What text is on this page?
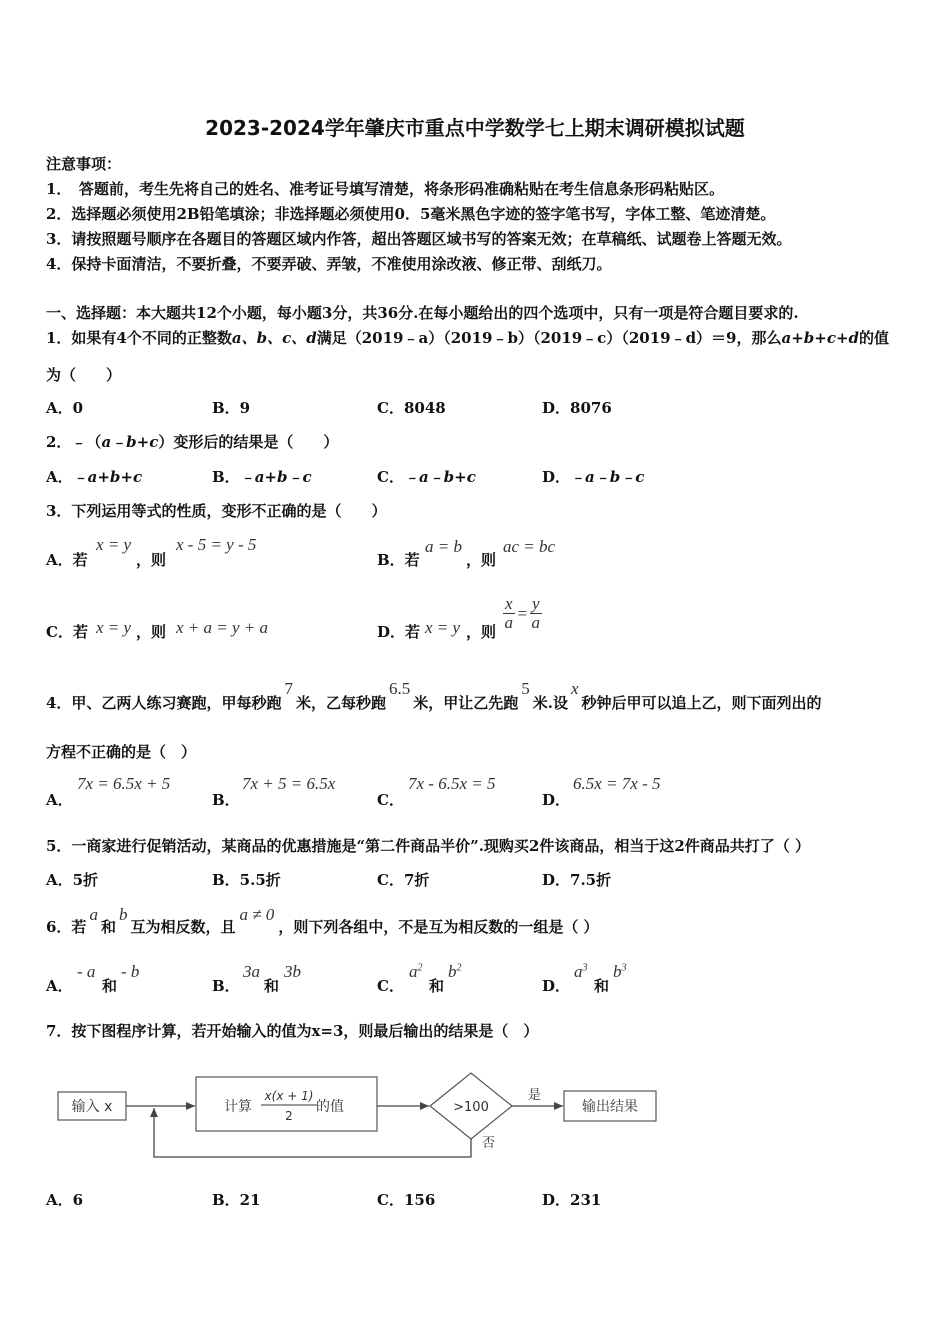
2023-2024学年肇庆市重点中学数学七上期末调研模拟试题
注意事项：
1．　答题前，考生先将自己的姓名、准考证号填写清楚，将条形码准确粘贴在考生信息条形码粘贴区。
2．选择题必须使用2B铅笔填涂；非选择题必须使用0．5毫米黑色字迹的签字笔书写，字体工整、笔迹清楚。
3．请按照题号顺序在各题目的答题区域内作答，超出答题区域书写的答案无效；在草稿纸、试题卷上答题无效。
4．保持卡面清洁，不要折叠，不要弄破、弄皱，不准使用涂改液、修正带、刮纸刀。
一、选择题：本大题共12个小题，每小题3分，共36分.在每小题给出的四个选项中，只有一项是符合题目要求的.
1．如果有4个不同的正整数a、b、c、d满足（2019﹣a）（2019﹣b）（2019﹣c）（2019﹣d）＝9，那么a+b+c+d的值
为（　　）
A．0	B．9	C．8048	D．8076
2．﹣（a﹣b+c）变形后的结果是（　　）
A．﹣a+b+c	B．﹣a+b﹣c	C．﹣a﹣b+c	D．﹣a﹣b﹣c
3．下列运用等式的性质，变形不正确的是（　　）
A．若
x = y
，则
x - 5 = y - 5
B．若
a = b
，则
ac = bc
C．若 x = y ，则 x + a = y + a	D．若 x = y ，则 $\frac{x}{a} = \frac{y}{a}$
4．甲、乙两人练习赛跑，甲每秒跑7米，乙每秒跑6.5米，甲让乙先跑5米.设x秒钟后甲可以追上乙，则下面列出的
方程不正确的是（　）
A．
7x = 6.5x + 5
B．
7x + 5 = 6.5x
C．
7x - 6.5x = 5
D．
6.5x = 7x - 5
5．一商家进行促销活动，某商品的优惠措施是“第二件商品半价”.现购买2件该商品，相当于这2件商品共打了（ ）
A．5折	B．5.5折	C．7折	D．7.5折
6．若a和b互为相反数，且a ≠ 0，则下列各组中，不是互为相反数的一组是（ ）
A．
- a
和
- b
B．
3a
和
3b
C．
$a^2$
和
$b^2$
D．
$a^3$
和
$b^3$
7．按下图程序计算，若开始输入的值为x=3，则最后输出的结果是（　）
输入 x	计算
x(x + 1)
2
的值	>100
是
输出结果
否
A．6	B．21	C．156	D．231
